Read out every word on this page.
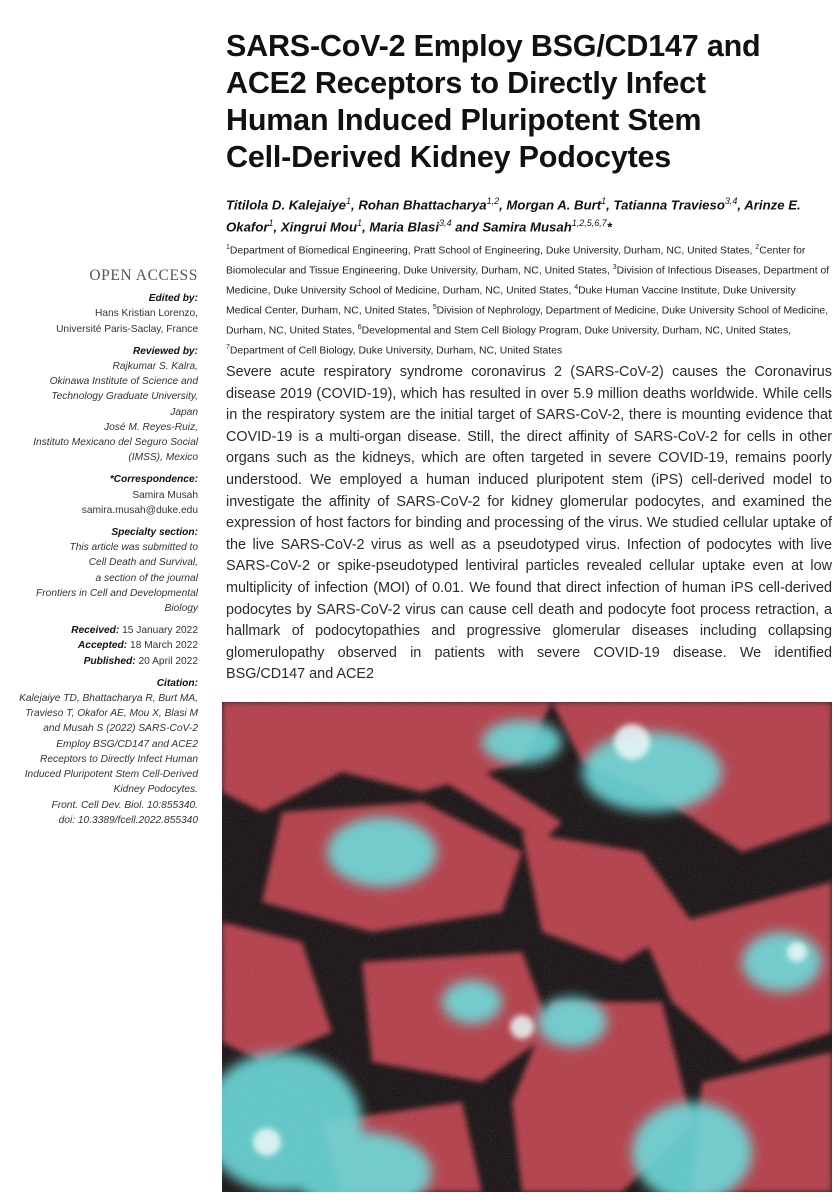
SARS-CoV-2 Employ BSG/CD147 and
ACE2 Receptors to Directly Infect
Human Induced Pluripotent Stem
Cell-Derived Kidney Podocytes
Titilola D. Kalejaiye$^1$, Rohan Bhattacharya$^{1,2}$, Morgan A. Burt$^1$, Tatianna Travieso$^{3,4}$, Arinze E. Okafor$^1$, Xingrui Mou$^1$, Maria Blasi$^{3,4}$ and Samira Musah$^{1,2,5,6,7}$*
$^1$Department of Biomedical Engineering, Pratt School of Engineering, Duke University, Durham, NC, United States, $^2$Center for Biomolecular and Tissue Engineering, Duke University, Durham, NC, United States, $^3$Division of Infectious Diseases, Department of Medicine, Duke University School of Medicine, Durham, NC, United States, $^4$Duke Human Vaccine Institute, Duke University Medical Center, Durham, NC, United States, $^5$Division of Nephrology, Department of Medicine, Duke University School of Medicine, Durham, NC, United States, $^6$Developmental and Stem Cell Biology Program, Duke University, Durham, NC, United States, $^7$Department of Cell Biology, Duke University, Durham, NC, United States
OPEN ACCESS
Edited by:
Hans Kristian Lorenzo,
Université Paris-Saclay, France
Reviewed by:
Rajkumar S. Kalra,
Okinawa Institute of Science and
Technology Graduate University,
Japan
José M. Reyes-Ruiz,
Instituto Mexicano del Seguro Social
(IMSS), Mexico
*Correspondence:
Samira Musah
samira.musah@duke.edu
Specialty section:
This article was submitted to
Cell Death and Survival,
a section of the journal
Frontiers in Cell and Developmental
Biology
Received: 15 January 2022
Accepted: 18 March 2022
Published: 20 April 2022
Citation:
Kalejaiye TD, Bhattacharya R, Burt MA,
Travieso T, Okafor AE, Mou X, Blasi M
and Musah S (2022) SARS-CoV-2
Employ BSG/CD147 and ACE2
Receptors to Directly Infect Human
Induced Pluripotent Stem Cell-Derived
Kidney Podocytes.
Front. Cell Dev. Biol. 10:855340.
doi: 10.3389/fcell.2022.855340

Severe acute respiratory syndrome coronavirus 2 (SARS-CoV-2) causes the Coronavirus disease 2019 (COVID-19), which has resulted in over 5.9 million deaths worldwide. While cells in the respiratory system are the initial target of SARS-CoV-2, there is mounting evidence that COVID-19 is a multi-organ disease. Still, the direct affinity of SARS-CoV-2 for cells in other organs such as the kidneys, which are often targeted in severe COVID-19, remains poorly understood. We employed a human induced pluripotent stem (iPS) cell-derived model to investigate the affinity of SARS-CoV-2 for kidney glomerular podocytes, and examined the expression of host factors for binding and processing of the virus. We studied cellular uptake of the live SARS-CoV-2 virus as well as a pseudotyped virus. Infection of podocytes with live SARS-CoV-2 or spike-pseudotyped lentiviral particles revealed cellular uptake even at low multiplicity of infection (MOI) of 0.01. We found that direct infection of human iPS cell-derived podocytes by SARS-CoV-2 virus can cause cell death and podocyte foot process retraction, a hallmark of podocytopathies and progressive glomerular diseases including collapsing glomerulopathy observed in patients with severe COVID-19 disease. We identified BSG/CD147 and ACE2
